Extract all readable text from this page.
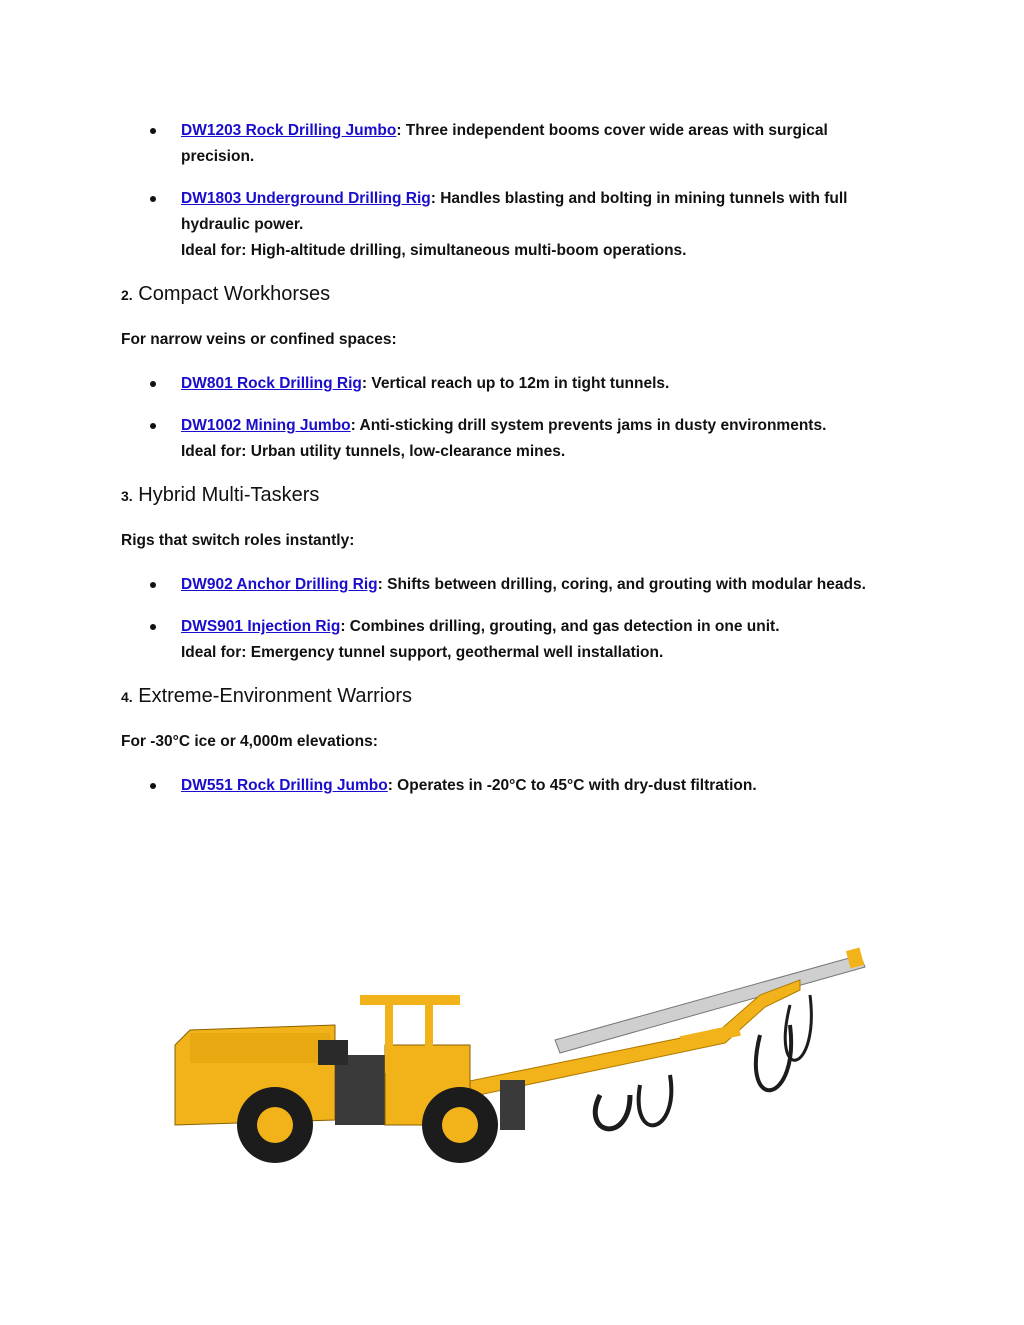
DW1203 Rock Drilling Jumbo: Three independent booms cover wide areas with surgical precision.
DW1803 Underground Drilling Rig: Handles blasting and bolting in mining tunnels with full hydraulic power.
Ideal for: High-altitude drilling, simultaneous multi-boom operations.
2. Compact Workhorses

For narrow veins or confined spaces:

DW801 Rock Drilling Rig: Vertical reach up to 12m in tight tunnels.
DW1002 Mining Jumbo: Anti-sticking drill system prevents jams in dusty environments.
Ideal for: Urban utility tunnels, low-clearance mines.
3. Hybrid Multi-Taskers

Rigs that switch roles instantly:

DW902 Anchor Drilling Rig: Shifts between drilling, coring, and grouting with modular heads.
DWS901 Injection Rig: Combines drilling, grouting, and gas detection in one unit.
Ideal for: Emergency tunnel support, geothermal well installation.
4. Extreme-Environment Warriors

For -30°C ice or 4,000m elevations:

DW551 Rock Drilling Jumbo: Operates in -20°C to 45°C with dry-dust filtration.
